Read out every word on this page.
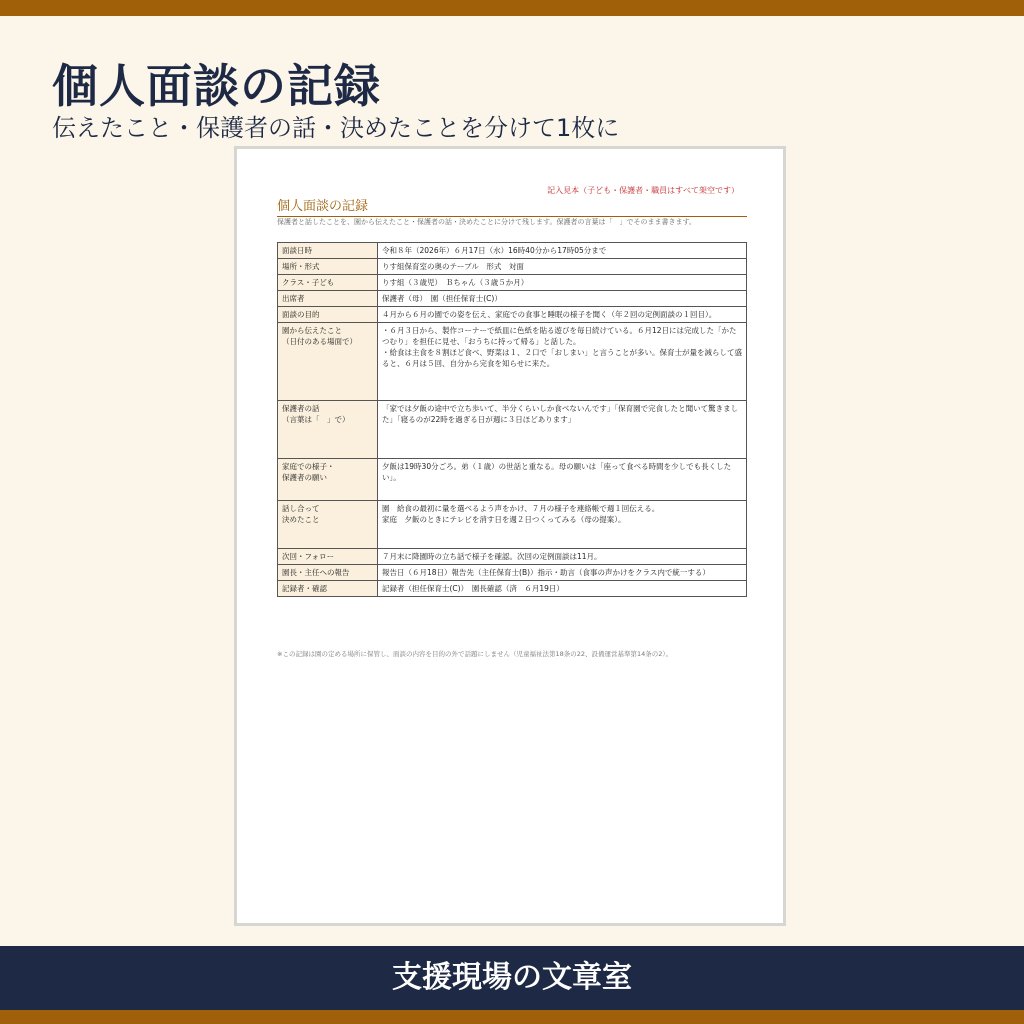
個人面談の記録

伝えたこと・保護者の話・決めたことを分けて1枚に

記入見本（子ども・保護者・職員はすべて架空です）
個人面談の記録
保護者と話したことを、園から伝えたこと・保護者の話・決めたことに分けて残します。保護者の言葉は「　」でそのまま書きます。
面談日時	令和８年（2026年）６月17日（水）16時40分から17時05分まで
場所・形式	りす組保育室の奥のテーブル　形式　対面
クラス・子ども	りす組（３歳児）　Ｂちゃん（３歳５か月）
出席者	保護者（母）　園（担任保育士(C)）
面談の目的	４月から６月の園での姿を伝え、家庭での食事と睡眠の様子を聞く（年２回の定例面談の１回目）。
園から伝えたこと
（日付のある場面で）	・６月３日から、製作コーナーで紙皿に色紙を貼る遊びを毎日続けている。６月12日には完成した「かたつむり」を担任に見せ、「おうちに持って帰る」と話した。
・給食は主食を８割ほど食べ、野菜は１、２口で「おしまい」と言うことが多い。保育士が量を減らして盛ると、６月は５回、自分から完食を知らせに来た。
保護者の話
（言葉は「　」で）	「家では夕飯の途中で立ち歩いて、半分くらいしか食べないんです」「保育園で完食したと聞いて驚きました」「寝るのが22時を過ぎる日が週に３日ほどあります」
家庭での様子・
保護者の願い	夕飯は19時30分ごろ。弟（１歳）の世話と重なる。母の願いは「座って食べる時間を少しでも長くしたい」。
話し合って
決めたこと	園　給食の最初に量を選べるよう声をかけ、７月の様子を連絡帳で週１回伝える。
家庭　夕飯のときにテレビを消す日を週２日つくってみる（母の提案）。
次回・フォロー	７月末に降園時の立ち話で様子を確認。次回の定例面談は11月。
園長・主任への報告	報告日（６月18日）報告先（主任保育士(B)）指示・助言（食事の声かけをクラス内で統一する）
記録者・確認	記録者（担任保育士(C)）　園長確認（済　６月19日）
※この記録は園の定める場所に保管し、面談の内容を目的の外で話題にしません（児童福祉法第18条の22、設備運営基準第14条の2）。
支援現場の文章室
